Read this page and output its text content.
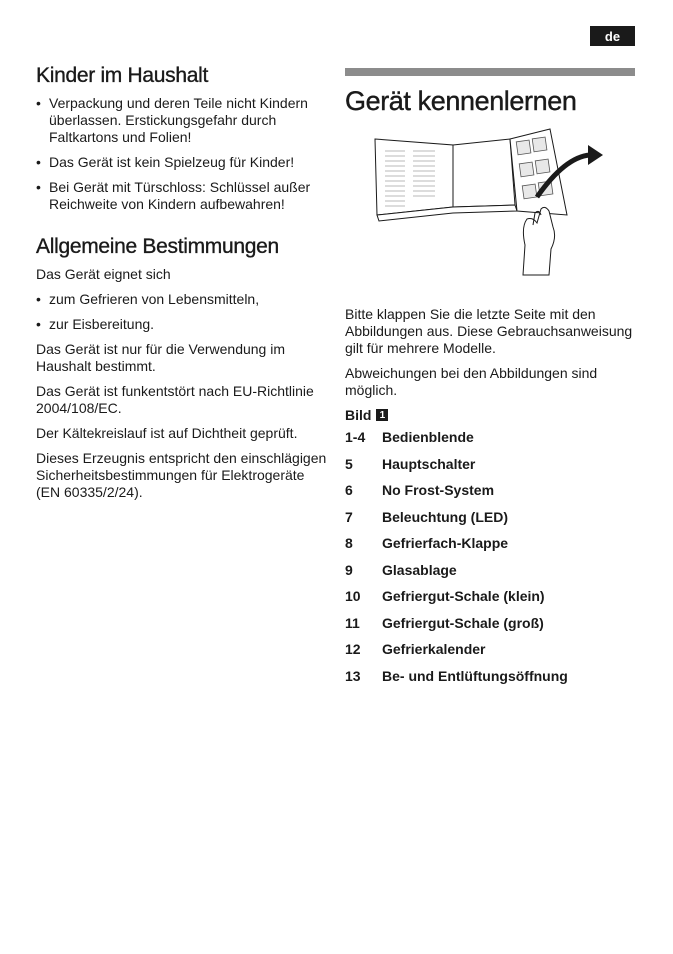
de
Kinder im Haushalt
• Verpackung und deren Teile nicht Kindern überlassen. Erstickungsgefahr durch Faltkartons und Folien!
• Das Gerät ist kein Spielzeug für Kinder!
• Bei Gerät mit Türschloss: Schlüssel außer Reichweite von Kindern aufbewahren!
Allgemeine Bestimmungen

Das Gerät eignet sich

• zum Gefrieren von Lebensmitteln,
• zur Eisbereitung.

Das Gerät ist nur für die Verwendung im Haushalt bestimmt.

Das Gerät ist funkentstört nach EU-Richtlinie 2004/108/EC.

Der Kältekreislauf ist auf Dichtheit geprüft.

Dieses Erzeugnis entspricht den einschlägigen Sicherheitsbestimmungen für Elektrogeräte (EN 60335/2/24).

Gerät kennenlernen

Bitte klappen Sie die letzte Seite mit den Abbildungen aus. Diese Gebrauchsanweisung gilt für mehrere Modelle.

Abweichungen bei den Abbildungen sind möglich.

Bild 1
1-4	Bedienblende
5	Hauptschalter
6	No Frost-System
7	Beleuchtung (LED)
8	Gefrierfach-Klappe
9	Glasablage
10	Gefriergut-Schale (klein)
11	Gefriergut-Schale (groß)
12	Gefrierkalender
13	Be- und Entlüftungsöffnung
